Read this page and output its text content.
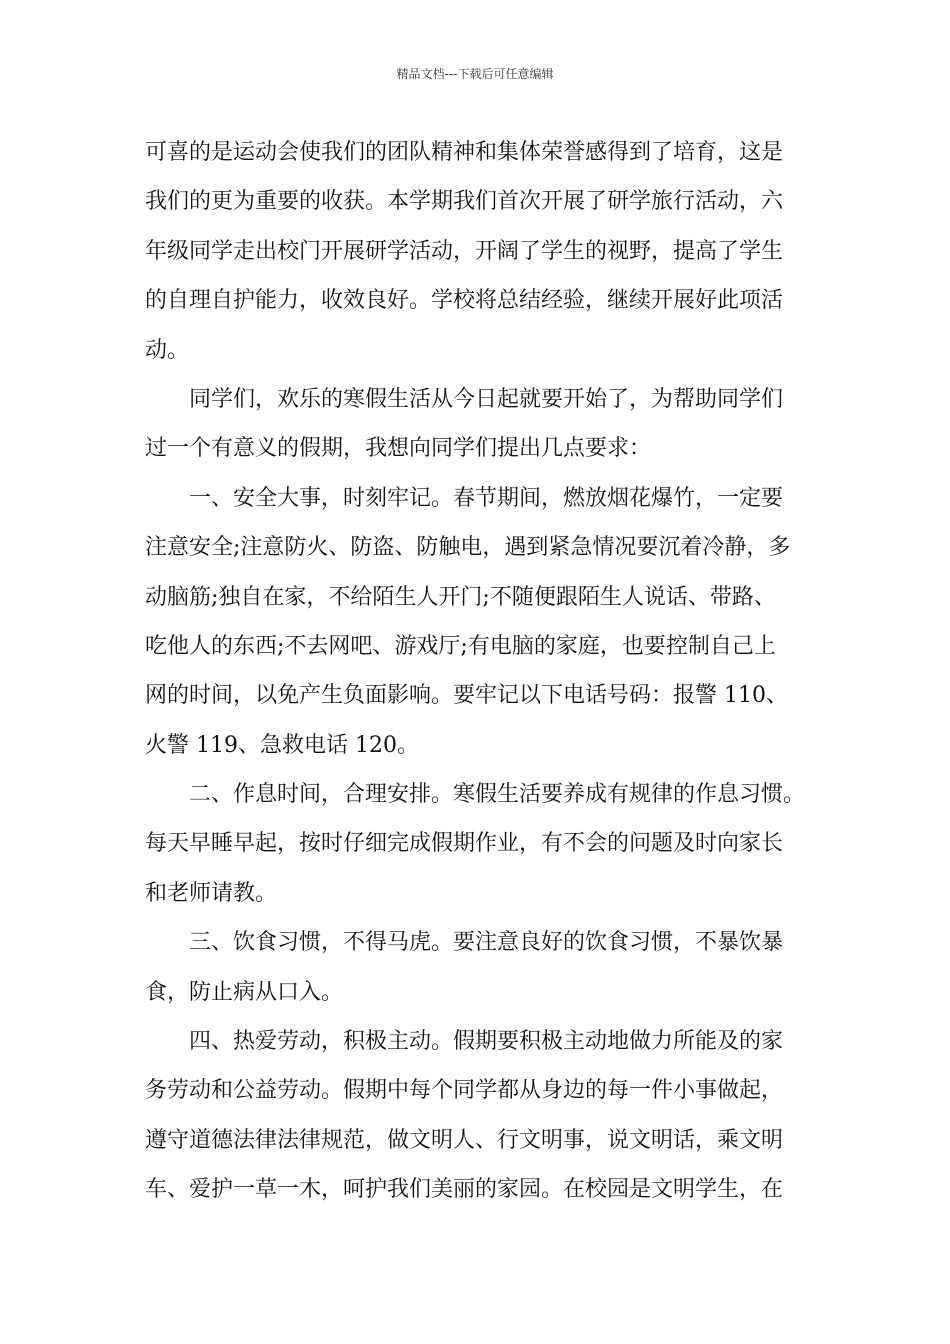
精品文档---下载后可任意编辑
可喜的是运动会使我们的团队精神和集体荣誉感得到了培育，这是
我们的更为重要的收获。本学期我们首次开展了研学旅行活动，六
年级同学走出校门开展研学活动，开阔了学生的视野，提高了学生
的自理自护能力，收效良好。学校将总结经验，继续开展好此项活
动。
　　同学们，欢乐的寒假生活从今日起就要开始了，为帮助同学们
过一个有意义的假期，我想向同学们提出几点要求：
　　一、安全大事，时刻牢记。春节期间，燃放烟花爆竹，一定要
注意安全;注意防火、防盗、防触电，遇到紧急情况要沉着冷静，多
动脑筋;独自在家，不给陌生人开门;不随便跟陌生人说话、带路、
吃他人的东西;不去网吧、游戏厅;有电脑的家庭，也要控制自己上
网的时间，以免产生负面影响。要牢记以下电话号码：报警 110、
火警 119、急救电话 120。
　　二、作息时间，合理安排。寒假生活要养成有规律的作息习惯。
每天早睡早起，按时仔细完成假期作业，有不会的问题及时向家长
和老师请教。
　　三、饮食习惯，不得马虎。要注意良好的饮食习惯，不暴饮暴
食，防止病从口入。
　　四、热爱劳动，积极主动。假期要积极主动地做力所能及的家
务劳动和公益劳动。假期中每个同学都从身边的每一件小事做起，
遵守道德法律法律规范，做文明人、行文明事，说文明话，乘文明
车、爱护一草一木，呵护我们美丽的家园。在校园是文明学生，在
